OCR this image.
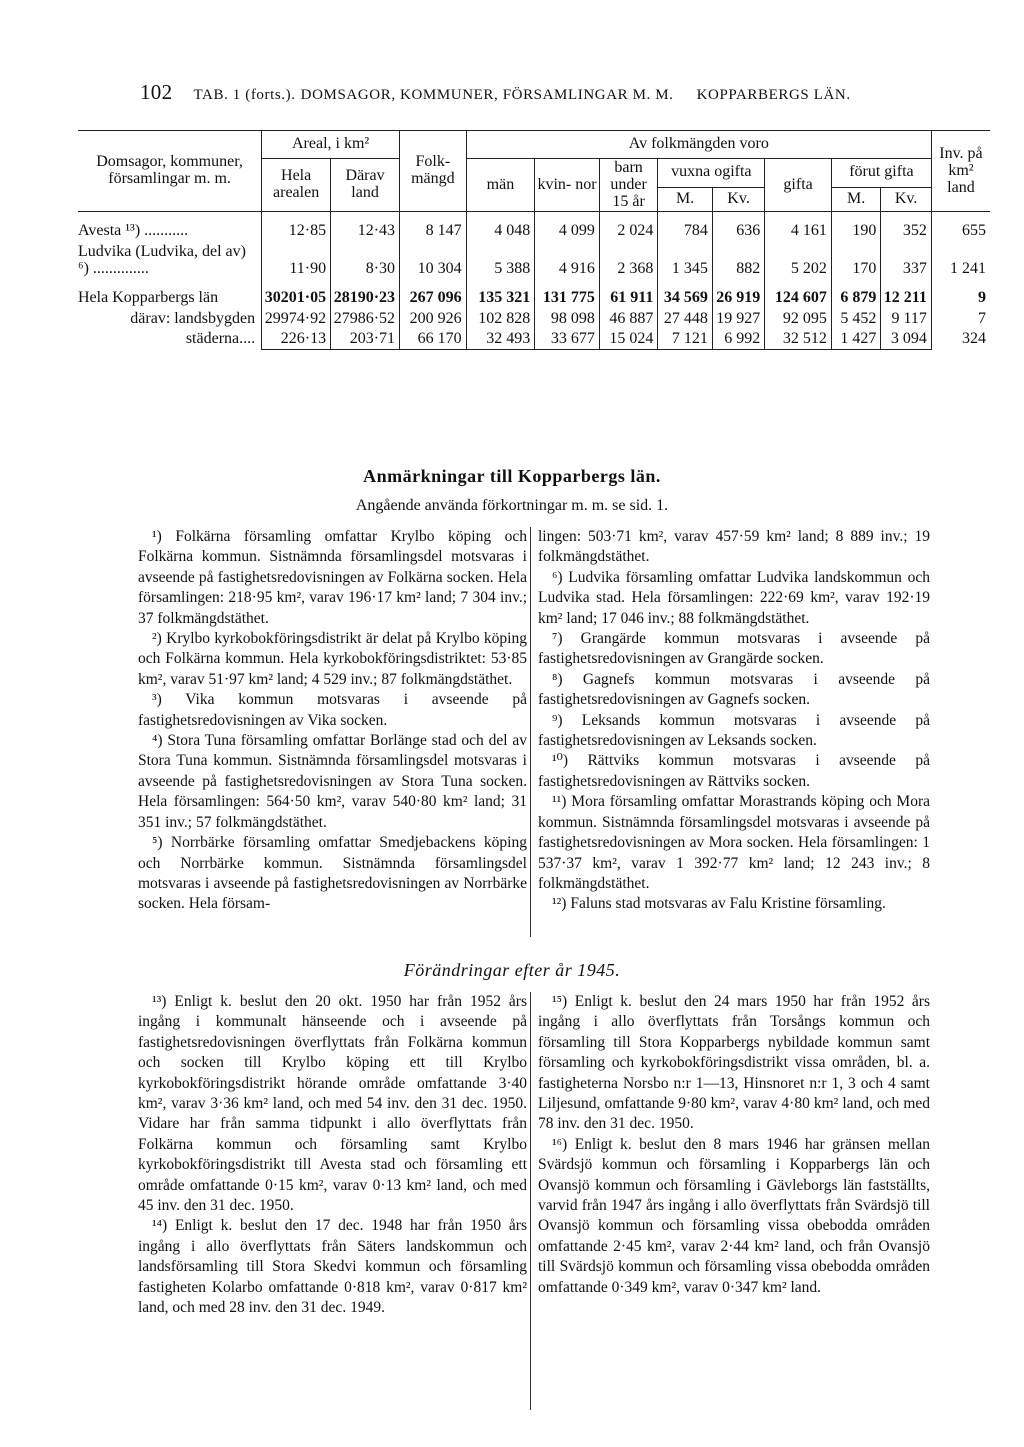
102 TAB. 1 (forts.). DOMSAGOR, KOMMUNER, FÖRSAMLINGAR M. M. KOPPARBERGS LÄN.
Domsagor, kommuner, församlingar m. m.	Areal, i km²		Folk- mängd	Av folkmängden voro								Inv. på km² land
	Hela arealen	Därav land		män	kvin- nor	barn under 15 år	vuxna ogifta		gifta	förut gifta		
							M.	Kv.		M.	Kv.	

Avesta ¹³) ...........	12·85	12·43	8 147	4 048	4 099	2 024	784	636	4 161	190	352	655
Ludvika (Ludvika, del av) ⁶) ..............	11·90	8·30	10 304	5 388	4 916	2 368	1 345	882	5 202	170	337	1 241

Hela Kopparbergs län	30201·05	28190·23	267 096	135 321	131 775	61 911	34 569	26 919	124 607	6 879	12 211	9
därav: landsbygden	29974·92	27986·52	200 926	102 828	98 098	46 887	27 448	19 927	92 095	5 452	9 117	7
städerna....	226·13	203·71	66 170	32 493	33 677	15 024	7 121	6 992	32 512	1 427	3 094	324
Anmärkningar till Kopparbergs län.
Angående använda förkortningar m. m. se sid. 1.

¹) Folkärna församling omfattar Krylbo köping och Folkärna kommun. Sistnämnda församlingsdel motsvaras i avseende på fastighetsredovisningen av Folkärna socken. Hela församlingen: 218·95 km², varav 196·17 km² land; 7 304 inv.; 37 folkmängdstäthet.

²) Krylbo kyrkobokföringsdistrikt är delat på Krylbo köping och Folkärna kommun. Hela kyrkobokföringsdistriktet: 53·85 km², varav 51·97 km² land; 4 529 inv.; 87 folkmängdstäthet.

³) Vika kommun motsvaras i avseende på fastighetsredovisningen av Vika socken.

⁴) Stora Tuna församling omfattar Borlänge stad och del av Stora Tuna kommun. Sistnämnda församlingsdel motsvaras i avseende på fastighetsredovisningen av Stora Tuna socken. Hela församlingen: 564·50 km², varav 540·80 km² land; 31 351 inv.; 57 folkmängdstäthet.

⁵) Norrbärke församling omfattar Smedjebackens köping och Norrbärke kommun. Sistnämnda församlingsdel motsvaras i avseende på fastighetsredovisningen av Norrbärke socken. Hela försam-

lingen: 503·71 km², varav 457·59 km² land; 8 889 inv.; 19 folkmängdstäthet.

⁶) Ludvika församling omfattar Ludvika landskommun och Ludvika stad. Hela församlingen: 222·69 km², varav 192·19 km² land; 17 046 inv.; 88 folkmängdstäthet.

⁷) Grangärde kommun motsvaras i avseende på fastighetsredovisningen av Grangärde socken.

⁸) Gagnefs kommun motsvaras i avseende på fastighetsredovisningen av Gagnefs socken.

⁹) Leksands kommun motsvaras i avseende på fastighetsredovisningen av Leksands socken.

¹⁰) Rättviks kommun motsvaras i avseende på fastighetsredovisningen av Rättviks socken.

¹¹) Mora församling omfattar Morastrands köping och Mora kommun. Sistnämnda församlingsdel motsvaras i avseende på fastighetsredovisningen av Mora socken. Hela församlingen: 1 537·37 km², varav 1 392·77 km² land; 12 243 inv.; 8 folkmängdstäthet.

¹²) Faluns stad motsvaras av Falu Kristine församling.

Förändringar efter år 1945.

¹³) Enligt k. beslut den 20 okt. 1950 har från 1952 års ingång i kommunalt hänseende och i avseende på fastighetsredovisningen överflyttats från Folkärna kommun och socken till Krylbo köping ett till Krylbo kyrkobokföringsdistrikt hörande område omfattande 3·40 km², varav 3·36 km² land, och med 54 inv. den 31 dec. 1950. Vidare har från samma tidpunkt i allo överflyttats från Folkärna kommun och församling samt Krylbo kyrkobokföringsdistrikt till Avesta stad och församling ett område omfattande 0·15 km², varav 0·13 km² land, och med 45 inv. den 31 dec. 1950.

¹⁴) Enligt k. beslut den 17 dec. 1948 har från 1950 års ingång i allo överflyttats från Säters landskommun och landsförsamling till Stora Skedvi kommun och församling fastigheten Kolarbo omfattande 0·818 km², varav 0·817 km² land, och med 28 inv. den 31 dec. 1949.

¹⁵) Enligt k. beslut den 24 mars 1950 har från 1952 års ingång i allo överflyttats från Torsångs kommun och församling till Stora Kopparbergs nybildade kommun samt församling och kyrkobokföringsdistrikt vissa områden, bl. a. fastigheterna Norsbo n:r 1—13, Hinsnoret n:r 1, 3 och 4 samt Liljesund, omfattande 9·80 km², varav 4·80 km² land, och med 78 inv. den 31 dec. 1950.

¹⁶) Enligt k. beslut den 8 mars 1946 har gränsen mellan Svärdsjö kommun och församling i Kopparbergs län och Ovansjö kommun och församling i Gävleborgs län fastställts, varvid från 1947 års ingång i allo överflyttats från Svärdsjö till Ovansjö kommun och församling vissa obebodda områden omfattande 2·45 km², varav 2·44 km² land, och från Ovansjö till Svärdsjö kommun och församling vissa obebodda områden omfattande 0·349 km², varav 0·347 km² land.
